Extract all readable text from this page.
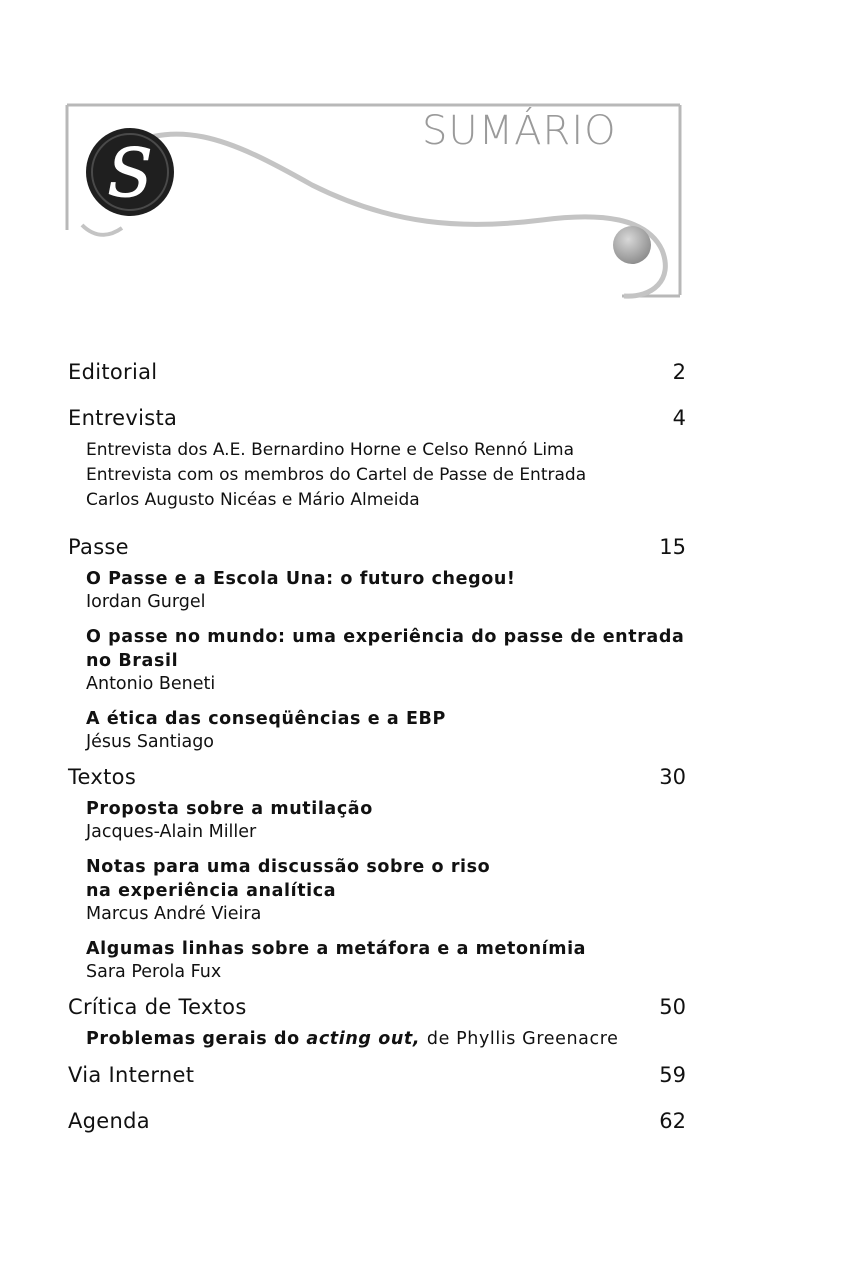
S
SUMÁRIO
Editorial	2
Entrevista	4
Entrevista dos A.E. Bernardino Horne e Celso Rennó Lima
Entrevista com os membros do Cartel de Passe de Entrada
Carlos Augusto Nicéas e Mário Almeida
Passe	15
O Passe e a Escola Una: o futuro chegou!
Iordan Gurgel
O passe no mundo: uma experiência do passe de entrada
no Brasil
Antonio Beneti
A ética das conseqüências e a EBP
Jésus Santiago
Textos	30
Proposta sobre a mutilação
Jacques-Alain Miller
Notas para uma discussão sobre o riso
na experiência analítica
Marcus André Vieira
Algumas linhas sobre a metáfora e a metonímia
Sara Perola Fux
Crítica de Textos	50
Problemas gerais do acting out, de Phyllis Greenacre
Via Internet	59
Agenda	62
